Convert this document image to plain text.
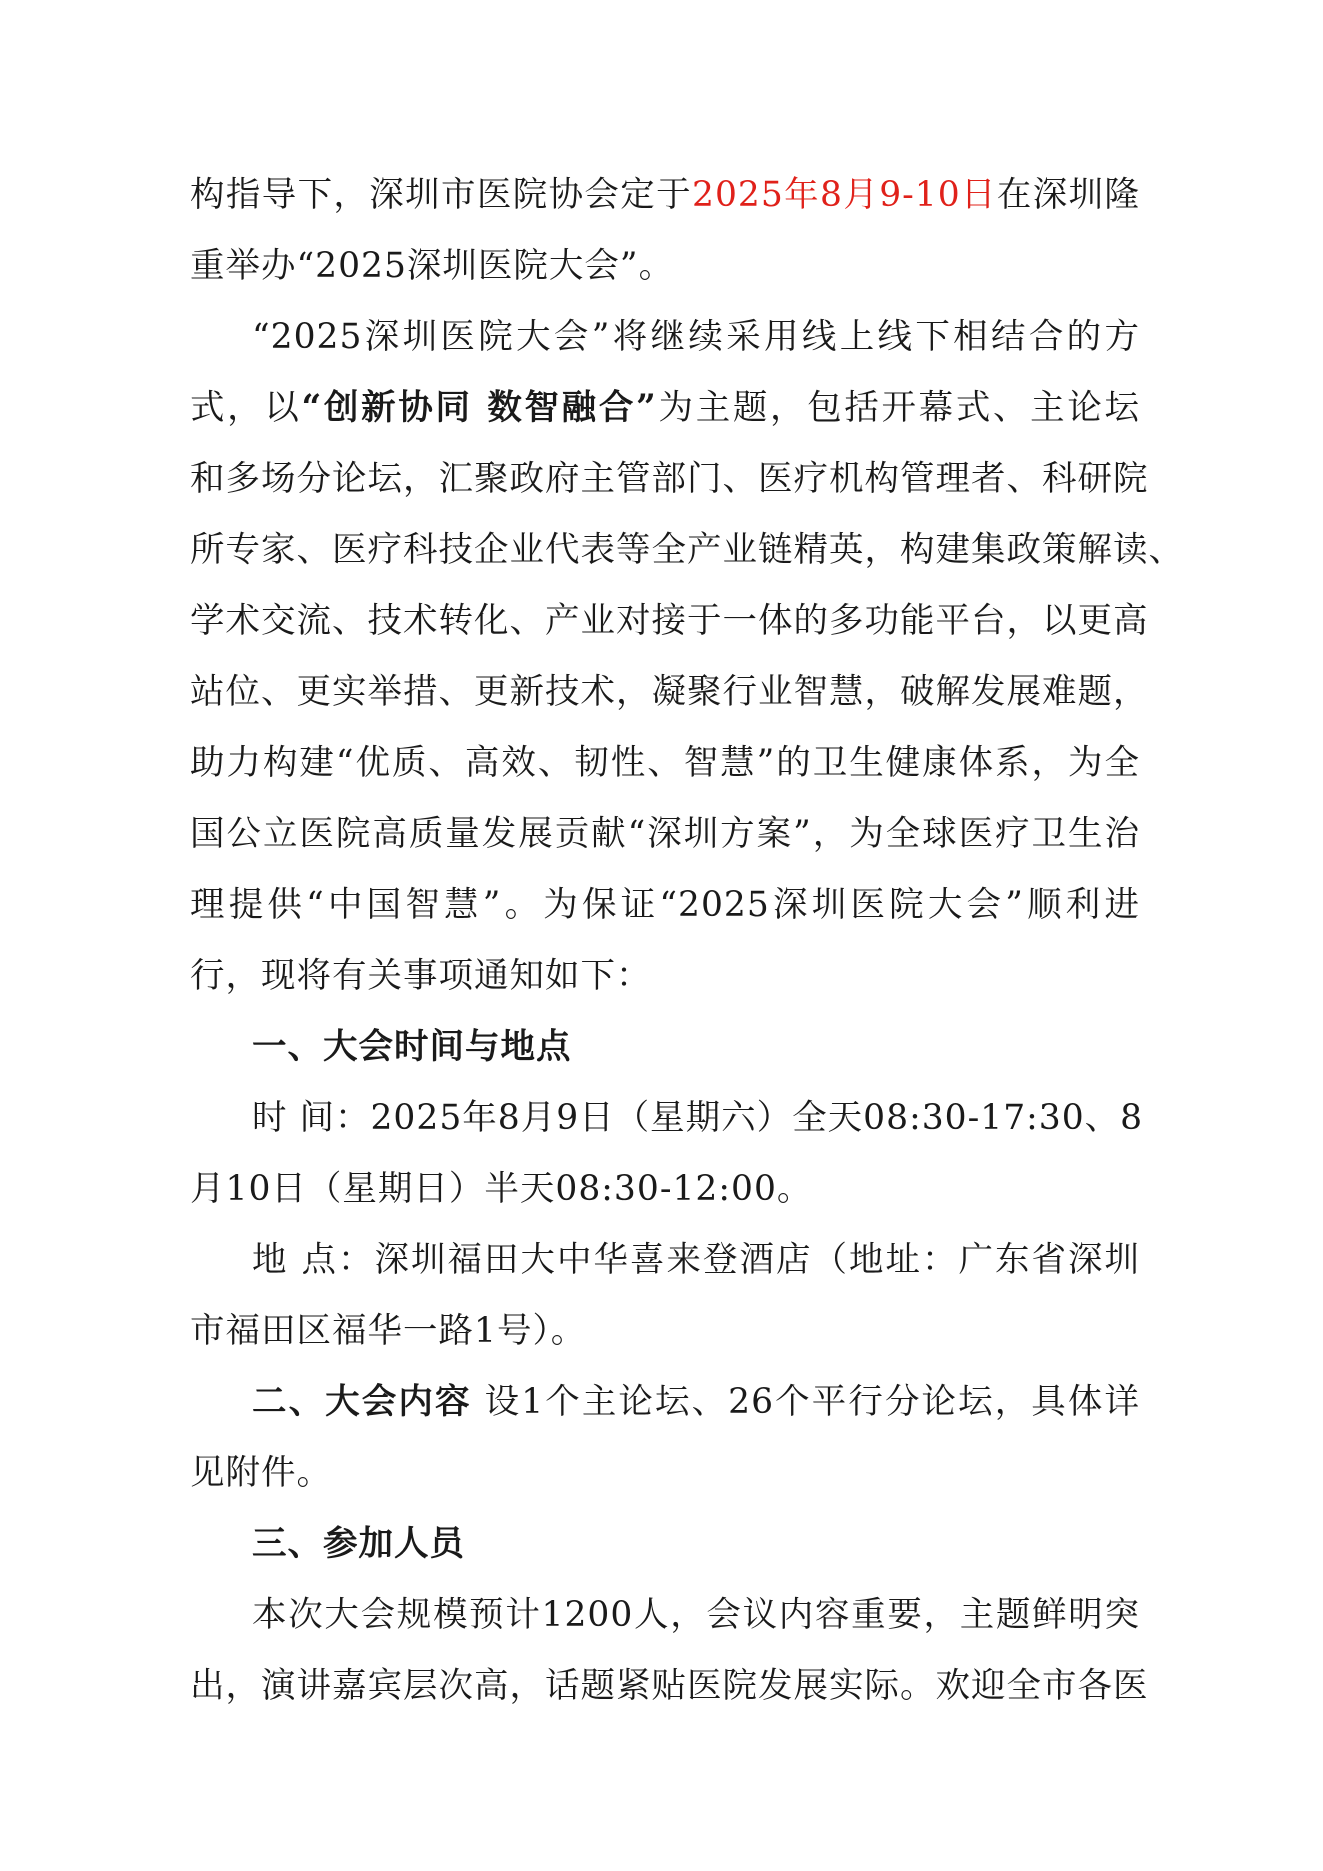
构指导下，深圳市医院协会定于2025年8月9-10日在深圳隆
重举办“2025深圳医院大会”。
“2025深圳医院大会”将继续采用线上线下相结合的方
式，以“创新协同 数智融合”为主题，包括开幕式、主论坛
和多场分论坛，汇聚政府主管部门、医疗机构管理者、科研院
所专家、医疗科技企业代表等全产业链精英，构建集政策解读、
学术交流、技术转化、产业对接于一体的多功能平台，以更高
站位、更实举措、更新技术，凝聚行业智慧，破解发展难题，
助力构建“优质、高效、韧性、智慧”的卫生健康体系，为全
国公立医院高质量发展贡献“深圳方案”，为全球医疗卫生治
理提供“中国智慧”。为保证“2025深圳医院大会”顺利进
行，现将有关事项通知如下：
一、大会时间与地点
时 间：2025年8月9日（星期六）全天08:30-17:30、8
月10日（星期日）半天08:30-12:00。
地 点：深圳福田大中华喜来登酒店（地址：广东省深圳
市福田区福华一路1号）。
二、大会内容 设1个主论坛、26个平行分论坛，具体详
见附件。
三、参加人员
本次大会规模预计1200人，会议内容重要，主题鲜明突
出，演讲嘉宾层次高，话题紧贴医院发展实际。欢迎全市各医
